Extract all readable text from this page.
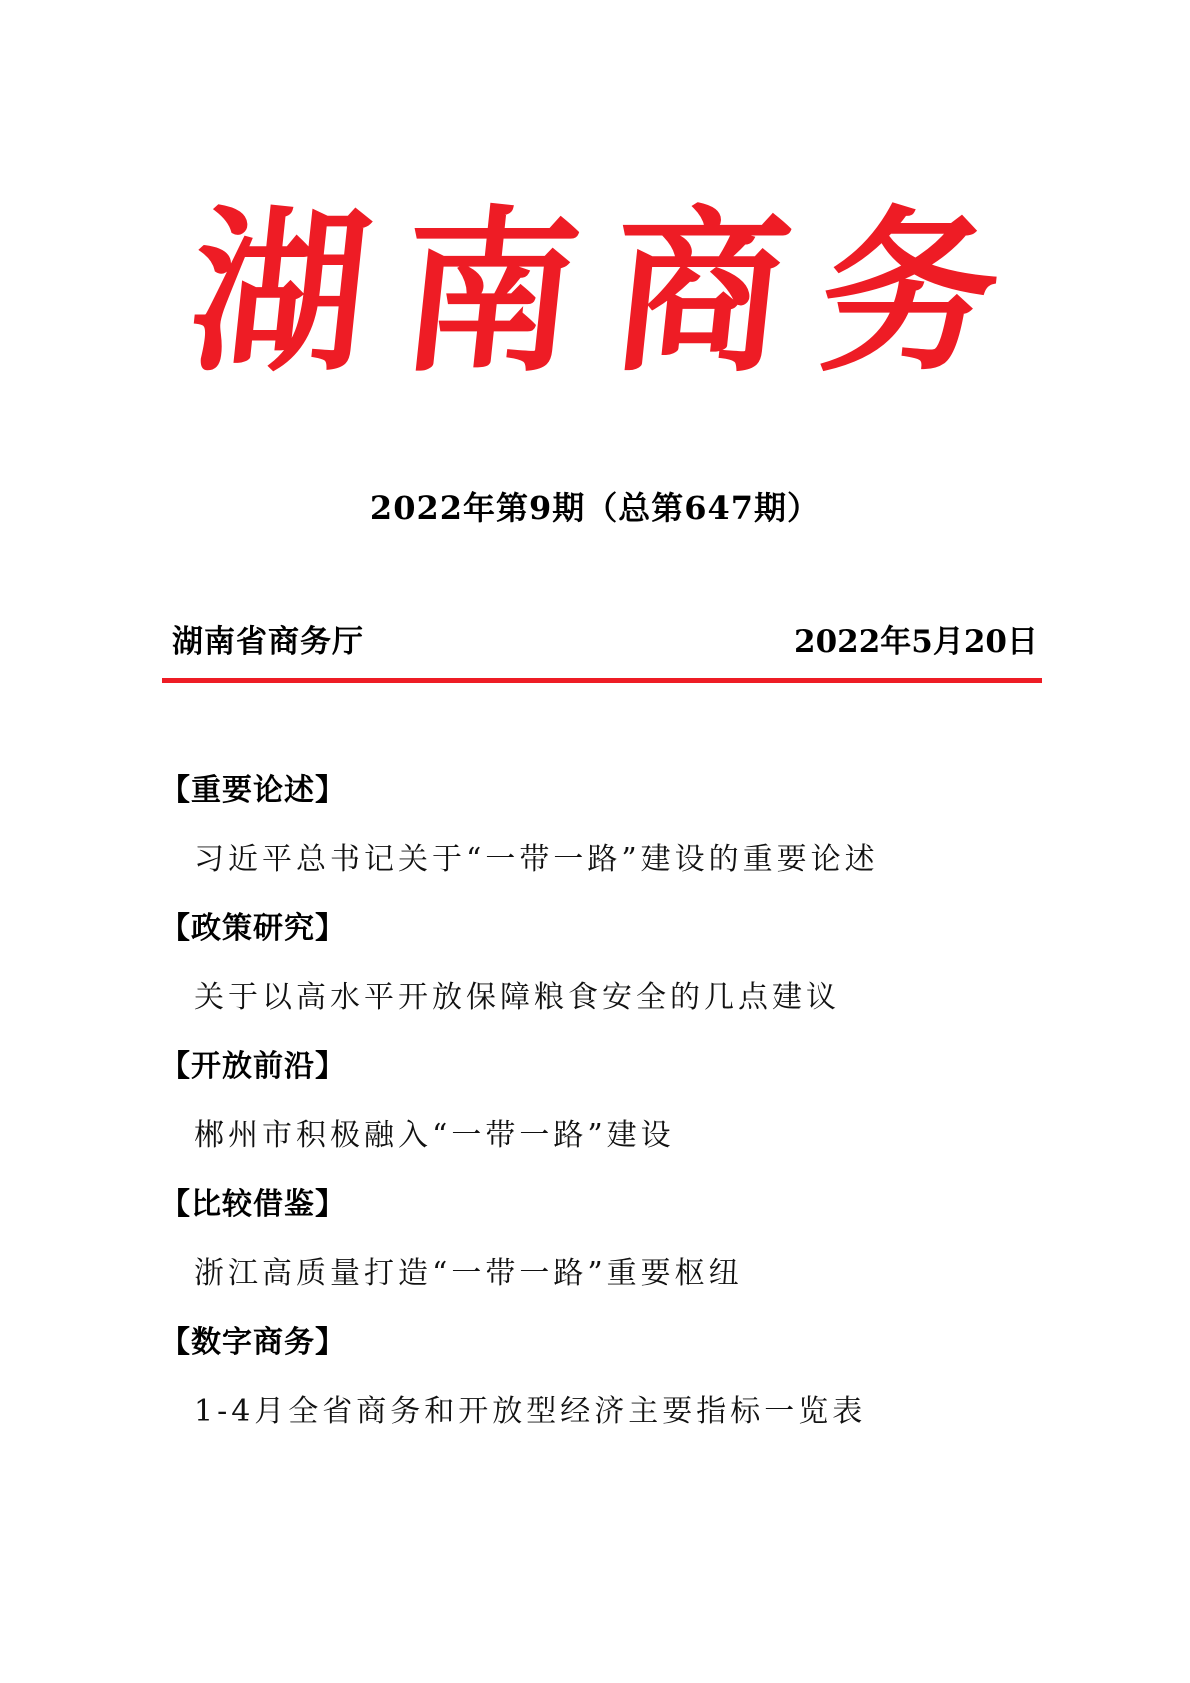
湖 南 商 务
2022年第9期（总第647期）
湖南省商务厅	2022年5月20日
【重要论述】
习近平总书记关于“一带一路”建设的重要论述
【政策研究】
关于以高水平开放保障粮食安全的几点建议
【开放前沿】
郴州市积极融入“一带一路”建设
【比较借鉴】
浙江高质量打造“一带一路”重要枢纽
【数字商务】
1-4月全省商务和开放型经济主要指标一览表
